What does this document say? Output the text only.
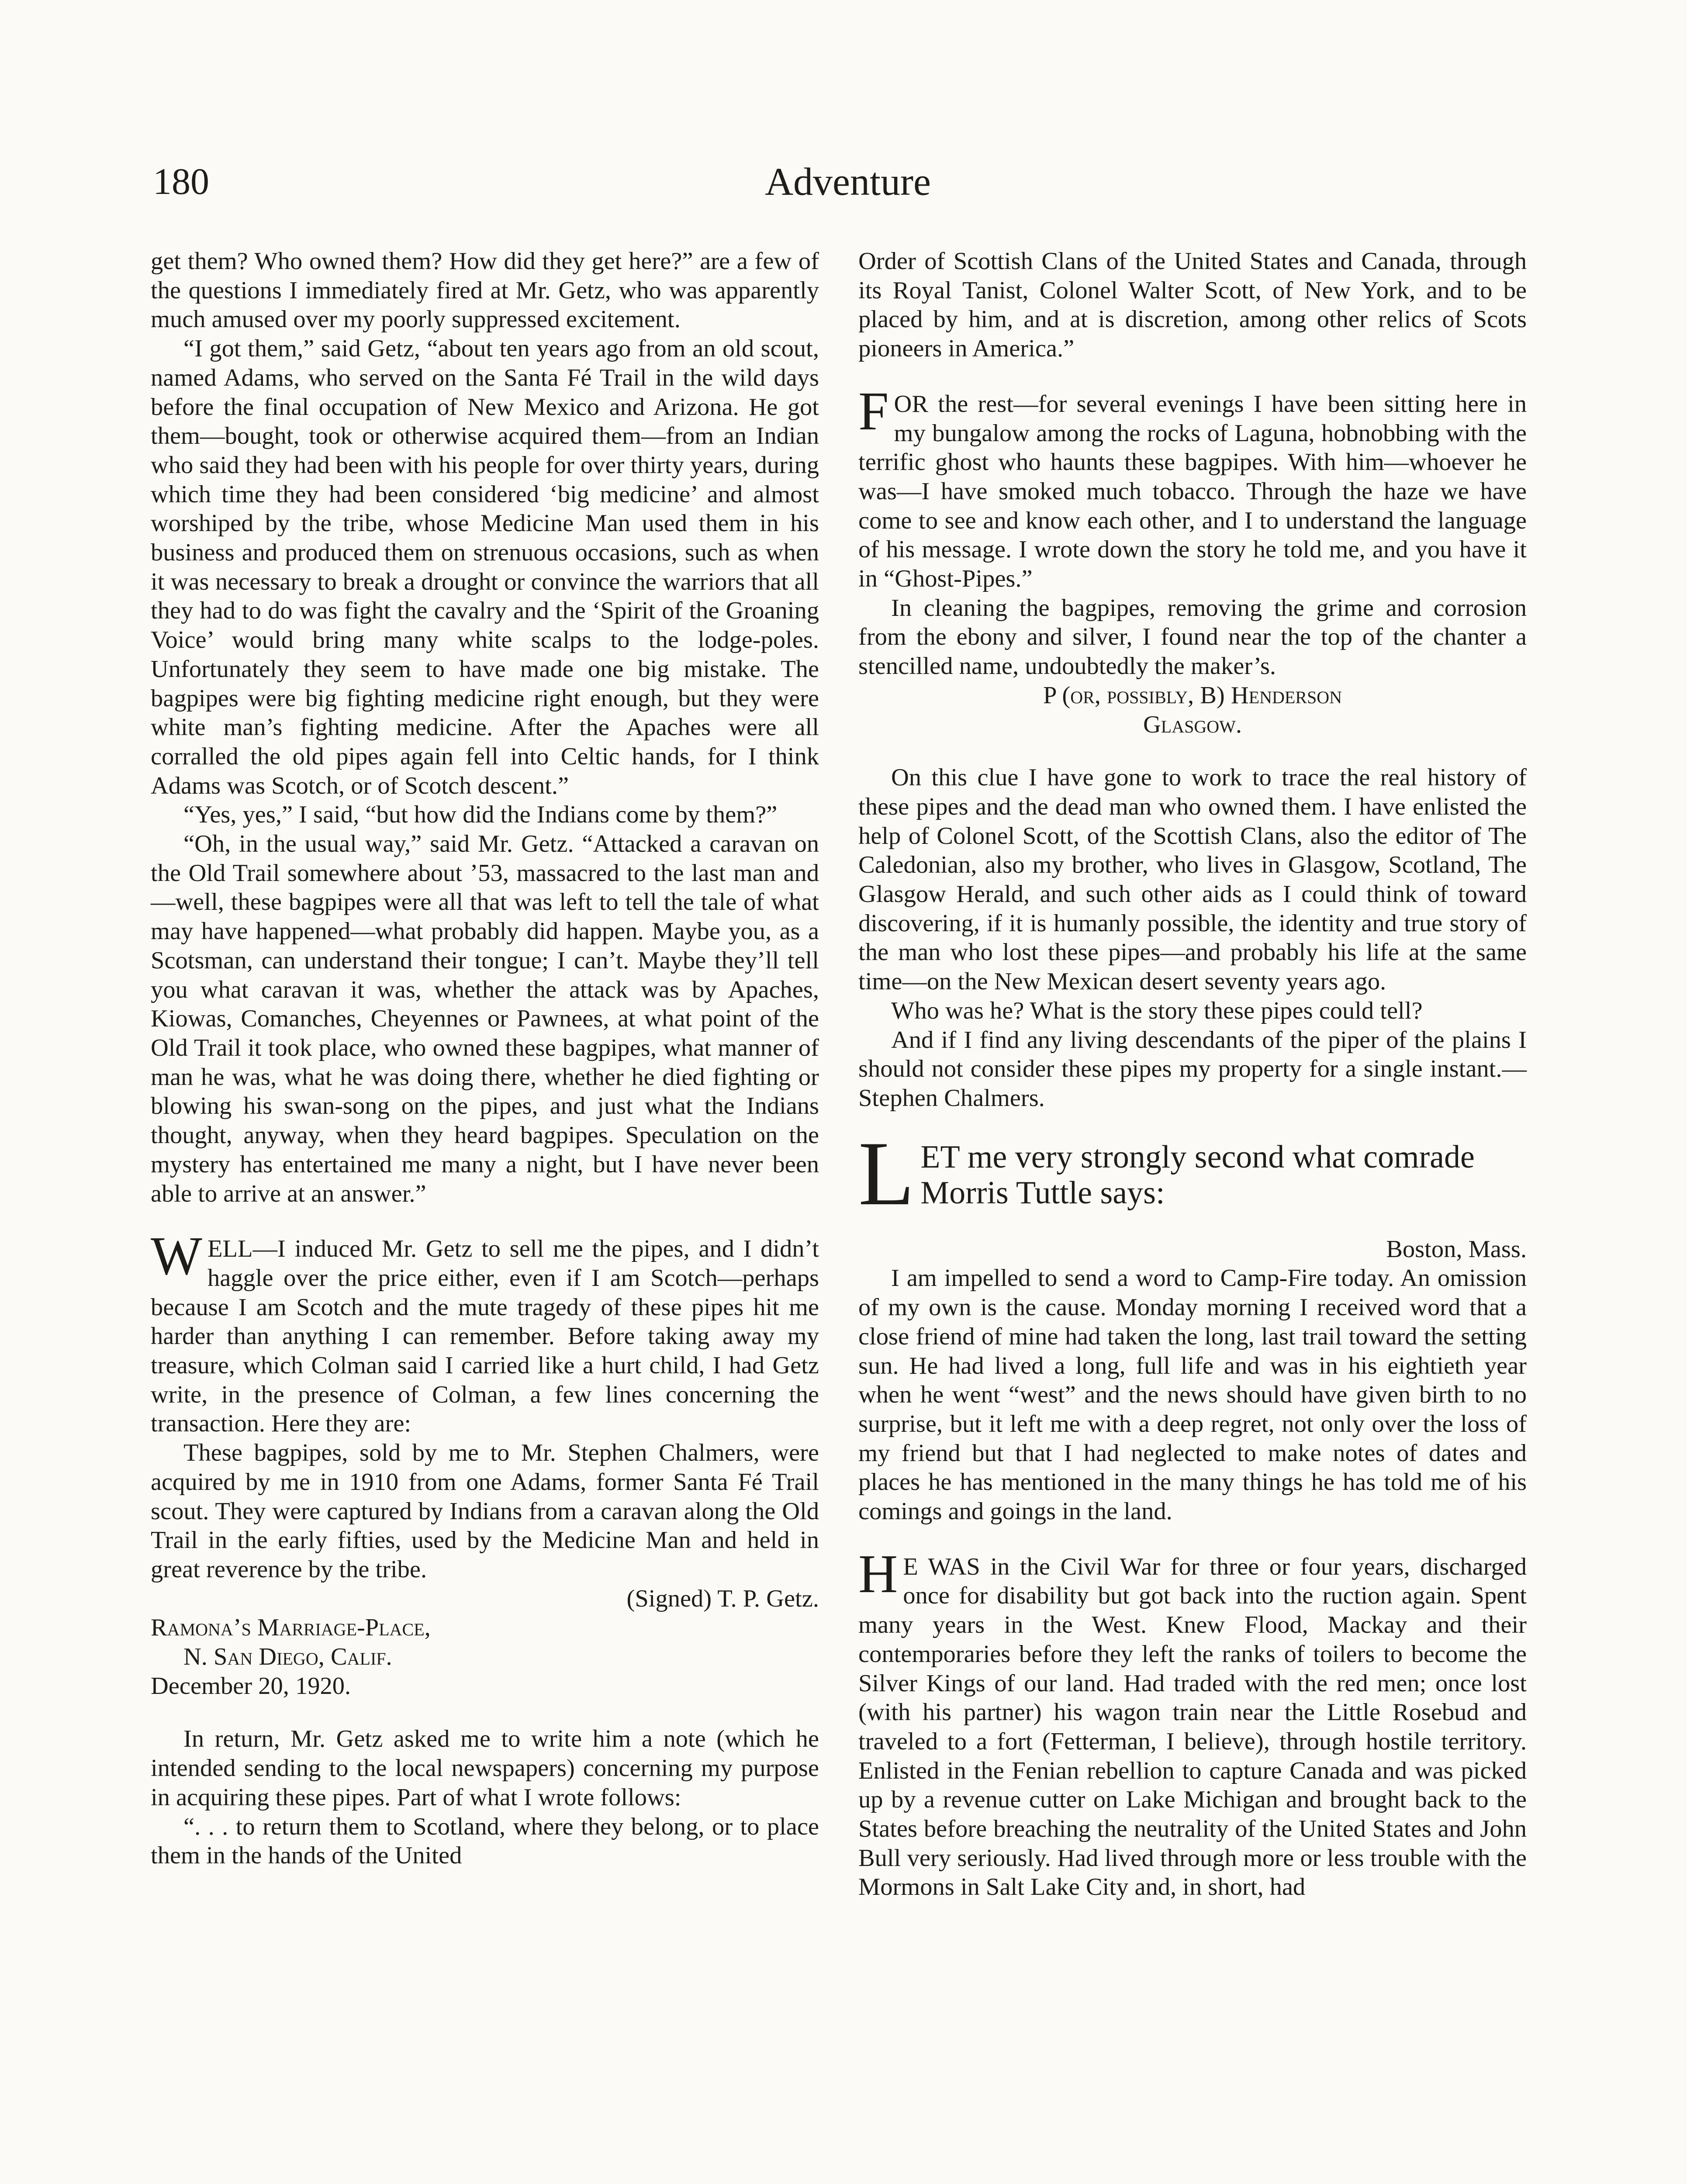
180	Adventure
get them? Who owned them? How did they get here?” are a few of the questions I immediately fired at Mr. Getz, who was apparently much amused over my poorly suppressed excitement.
“I got them,” said Getz, “about ten years ago from an old scout, named Adams, who served on the Santa Fé Trail in the wild days before the final occupation of New Mexico and Arizona. He got them—bought, took or otherwise acquired them—from an Indian who said they had been with his people for over thirty years, during which time they had been considered ‘big medicine’ and almost worshiped by the tribe, whose Medicine Man used them in his business and produced them on strenuous occasions, such as when it was necessary to break a drought or convince the warriors that all they had to do was fight the cavalry and the ‘Spirit of the Groaning Voice’ would bring many white scalps to the lodge-poles. Unfortunately they seem to have made one big mistake. The bagpipes were big fighting medicine right enough, but they were white man’s fighting medicine. After the Apaches were all corralled the old pipes again fell into Celtic hands, for I think Adams was Scotch, or of Scotch descent.”
“Yes, yes,” I said, “but how did the Indians come by them?”
“Oh, in the usual way,” said Mr. Getz. “Attacked a caravan on the Old Trail somewhere about ’53, massacred to the last man and—well, these bagpipes were all that was left to tell the tale of what may have happened—what probably did happen. Maybe you, as a Scotsman, can understand their tongue; I can’t. Maybe they’ll tell you what caravan it was, whether the attack was by Apaches, Kiowas, Comanches, Cheyennes or Pawnees, at what point of the Old Trail it took place, who owned these bagpipes, what manner of man he was, what he was doing there, whether he died fighting or blowing his swan-song on the pipes, and just what the Indians thought, anyway, when they heard bagpipes. Speculation on the mystery has entertained me many a night, but I have never been able to arrive at an answer.”
WELL—I induced Mr. Getz to sell me the pipes, and I didn’t haggle over the price either, even if I am Scotch—perhaps because I am Scotch and the mute tragedy of these pipes hit me harder than anything I can remember. Before taking away my treasure, which Colman said I carried like a hurt child, I had Getz write, in the presence of Colman, a few lines concerning the transaction. Here they are:
These bagpipes, sold by me to Mr. Stephen Chalmers, were acquired by me in 1910 from one Adams, former Santa Fé Trail scout. They were captured by Indians from a caravan along the Old Trail in the early fifties, used by the Medicine Man and held in great reverence by the tribe.
(Signed) T. P. Getz.
Ramona’s Marriage-Place,
N. San Diego, Calif.
December 20, 1920.
In return, Mr. Getz asked me to write him a note (which he intended sending to the local newspapers) concerning my purpose in acquiring these pipes. Part of what I wrote follows:
“. . . to return them to Scotland, where they belong, or to place them in the hands of the United
Order of Scottish Clans of the United States and Canada, through its Royal Tanist, Colonel Walter Scott, of New York, and to be placed by him, and at is discretion, among other relics of Scots pioneers in America.”
FOR the rest—for several evenings I have been sitting here in my bungalow among the rocks of Laguna, hobnobbing with the terrific ghost who haunts these bagpipes. With him—whoever he was—I have smoked much tobacco. Through the haze we have come to see and know each other, and I to understand the language of his message. I wrote down the story he told me, and you have it in “Ghost-Pipes.”
In cleaning the bagpipes, removing the grime and corrosion from the ebony and silver, I found near the top of the chanter a stencilled name, undoubtedly the maker’s.
P (or, possibly, B) Henderson
Glasgow.
On this clue I have gone to work to trace the real history of these pipes and the dead man who owned them. I have enlisted the help of Colonel Scott, of the Scottish Clans, also the editor of The Caledonian, also my brother, who lives in Glasgow, Scotland, The Glasgow Herald, and such other aids as I could think of toward discovering, if it is humanly possible, the identity and true story of the man who lost these pipes—and probably his life at the same time—on the New Mexican desert seventy years ago.
Who was he? What is the story these pipes could tell?
And if I find any living descendants of the piper of the plains I should not consider these pipes my property for a single instant.—Stephen Chalmers.
LET me very strongly second what comrade Morris Tuttle says:
Boston, Mass.
I am impelled to send a word to Camp-Fire today. An omission of my own is the cause. Monday morning I received word that a close friend of mine had taken the long, last trail toward the setting sun. He had lived a long, full life and was in his eightieth year when he went “west” and the news should have given birth to no surprise, but it left me with a deep regret, not only over the loss of my friend but that I had neglected to make notes of dates and places he has mentioned in the many things he has told me of his comings and goings in the land.
H E WAS in the Civil War for three or four years, discharged once for disability but got back into the ruction again. Spent many years in the West. Knew Flood, Mackay and their contemporaries before they left the ranks of toilers to become the Silver Kings of our land. Had traded with the red men; once lost (with his partner) his wagon train near the Little Rosebud and traveled to a fort (Fetterman, I believe), through hostile territory. Enlisted in the Fenian rebellion to capture Canada and was picked up by a revenue cutter on Lake Michigan and brought back to the States before breaching the neutrality of the United States and John Bull very seriously. Had lived through more or less trouble with the Mormons in Salt Lake City and, in short, had
